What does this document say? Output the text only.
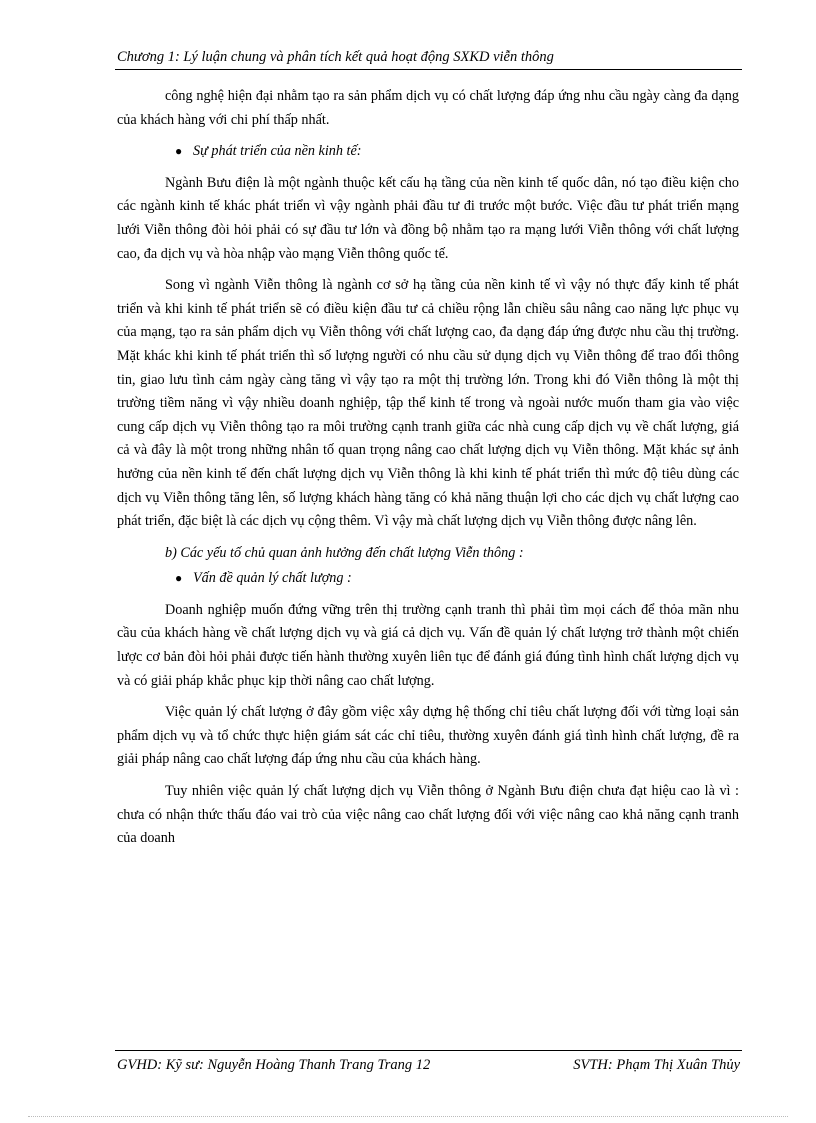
Chương 1: Lý luận chung và phân tích kết quả hoạt động SXKD viễn thông

công nghệ hiện đại nhằm tạo ra sản phẩm dịch vụ có chất lượng đáp ứng nhu cầu ngày càng đa dạng của khách hàng với chi phí thấp nhất.

● Sự phát triển của nền kinh tế:

Ngành Bưu điện là một ngành thuộc kết cấu hạ tầng của nền kinh tế quốc dân, nó tạo điều kiện cho các ngành kinh tế khác phát triển vì vậy ngành phải đầu tư đi trước một bước. Việc đầu tư phát triển mạng lưới Viễn thông đòi hỏi phải có sự đầu tư lớn và đồng bộ nhằm tạo ra mạng lưới Viễn thông với chất lượng cao, đa dịch vụ và hòa nhập vào mạng Viễn thông quốc tế.

Song vì ngành Viễn thông là ngành cơ sở hạ tầng của nền kinh tế vì vậy nó thực đẩy kinh tế phát triển và khi kinh tế phát triển sẽ có điều kiện đầu tư cả chiều rộng lẫn chiều sâu nâng cao năng lực phục vụ của mạng, tạo ra sản phẩm dịch vụ Viễn thông với chất lượng cao, đa dạng đáp ứng được nhu cầu thị trường. Mặt khác khi kinh tế phát triển thì số lượng người có nhu cầu sử dụng dịch vụ Viễn thông để trao đổi thông tin, giao lưu tình cảm ngày càng tăng vì vậy tạo ra một thị trường lớn. Trong khi đó Viễn thông là một thị trường tiềm năng vì vậy nhiều doanh nghiệp, tập thể kinh tế trong và ngoài nước muốn tham gia vào việc cung cấp dịch vụ Viễn thông tạo ra môi trường cạnh tranh giữa các nhà cung cấp dịch vụ về chất lượng, giá cả và đây là một trong những nhân tố quan trọng nâng cao chất lượng dịch vụ Viễn thông. Mặt khác sự ảnh hưởng của nền kinh tế đến chất lượng dịch vụ Viễn thông là khi kinh tế phát triển thì mức độ tiêu dùng các dịch vụ Viễn thông tăng lên, số lượng khách hàng tăng có khả năng thuận lợi cho các dịch vụ chất lượng cao phát triển, đặc biệt là các dịch vụ cộng thêm. Vì vậy mà chất lượng dịch vụ Viễn thông được nâng lên.

b) Các yếu tố chủ quan ảnh hưởng đến chất lượng Viễn thông :

● Vấn đề quản lý chất lượng :

Doanh nghiệp muốn đứng vững trên thị trường cạnh tranh thì phải tìm mọi cách để thỏa mãn nhu cầu của khách hàng về chất lượng dịch vụ và giá cả dịch vụ. Vấn đề quản lý chất lượng trở thành một chiến lược cơ bản đòi hỏi phải được tiến hành thường xuyên liên tục để đánh giá đúng tình hình chất lượng dịch vụ và có giải pháp khắc phục kịp thời nâng cao chất lượng.

Việc quản lý chất lượng ở đây gồm việc xây dựng hệ thống chỉ tiêu chất lượng đối với từng loại sản phẩm dịch vụ và tổ chức thực hiện giám sát các chỉ tiêu, thường xuyên đánh giá tình hình chất lượng, đề ra giải pháp nâng cao chất lượng đáp ứng nhu cầu của khách hàng.

Tuy nhiên việc quản lý chất lượng dịch vụ Viễn thông ở Ngành Bưu điện chưa đạt hiệu cao là vì : chưa có nhận thức thấu đáo vai trò của việc nâng cao chất lượng đối với việc nâng cao khả năng cạnh tranh của doanh

GVHD: Kỹ sư: Nguyễn Hoàng Thanh Trang Trang 12	SVTH: Phạm Thị Xuân Thủy
